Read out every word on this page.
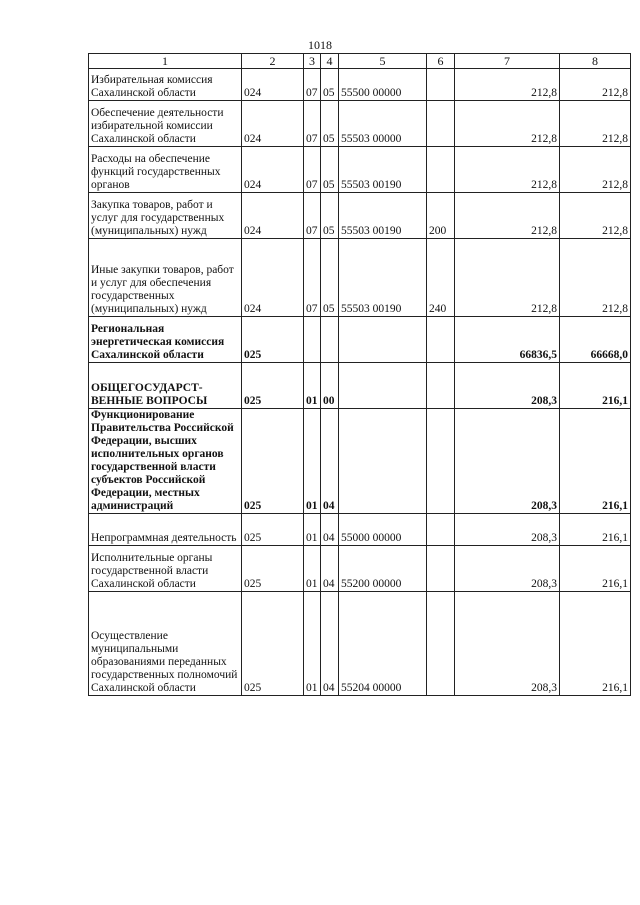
1018
1	2	3	4	5	6	7	8
Избирательная комиссия Сахалинской области	024	07	05	55500 00000		212,8	212,8
Обеспечение деятельности избирательной комиссии Сахалинской области	024	07	05	55503 00000		212,8	212,8
Расходы на обеспечение функций государственных органов	024	07	05	55503 00190		212,8	212,8
Закупка товаров, работ и услуг для государственных (муниципальных) нужд	024	07	05	55503 00190	200	212,8	212,8
Иные закупки товаров, работ и услуг для обеспечения государственных (муниципальных) нужд	024	07	05	55503 00190	240	212,8	212,8
Региональная энергетическая комиссия Сахалинской области	025					66836,5	66668,0
ОБЩЕГОСУДАРСТ-ВЕННЫЕ ВОПРОСЫ	025	01	00			208,3	216,1
Функционирование Правительства Российской Федерации, высших исполнительных органов государственной власти субъектов Российской Федерации, местных администраций	025	01	04			208,3	216,1
Непрограммная деятельность	025	01	04	55000 00000		208,3	216,1
Исполнительные органы государственной власти Сахалинской области	025	01	04	55200 00000		208,3	216,1
Осуществление муниципальными образованиями переданных государственных полномочий Сахалинской области	025	01	04	55204 00000		208,3	216,1
